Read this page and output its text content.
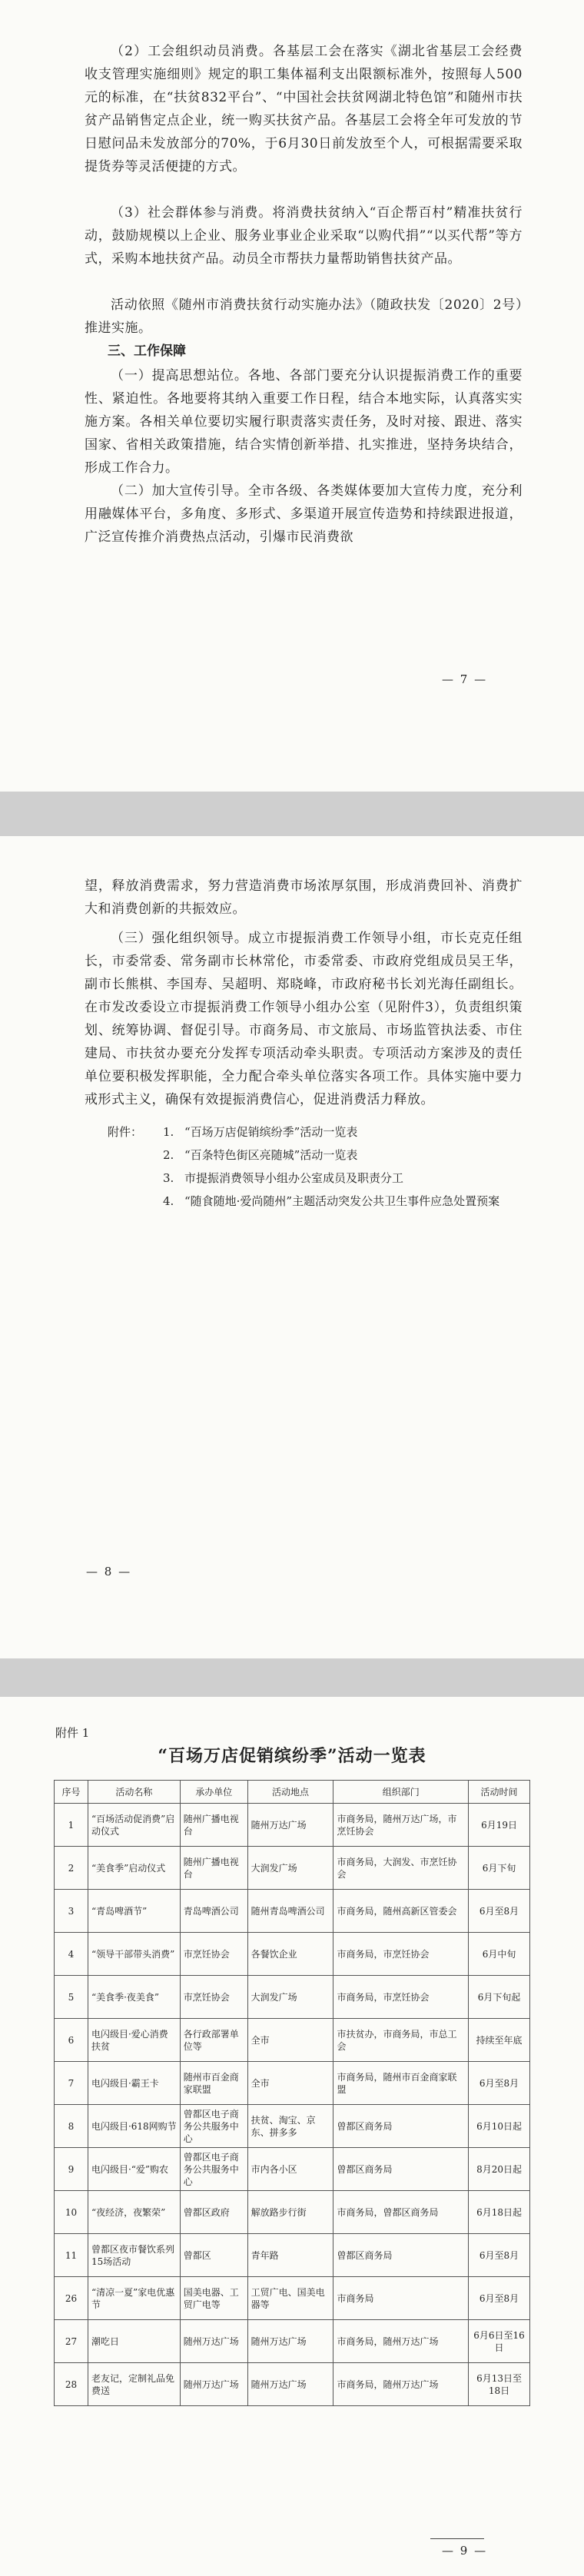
（2）工会组织动员消费。各基层工会在落实《湖北省基层工会经费收支管理实施细则》规定的职工集体福利支出限额标准外，按照每人500元的标准，在“扶贫832平台”、“中国社会扶贫网湖北特色馆”和随州市扶贫产品销售定点企业，统一购买扶贫产品。各基层工会将全年可发放的节日慰问品未发放部分的70%，于6月30日前发放至个人，可根据需要采取提货券等灵活便捷的方式。
（3）社会群体参与消费。将消费扶贫纳入“百企帮百村”精准扶贫行动，鼓励规模以上企业、服务业事业企业采取“以购代捐”“以买代帮”等方式，采购本地扶贫产品。动员全市帮扶力量帮助销售扶贫产品。
活动依照《随州市消费扶贫行动实施办法》（随政扶发〔2020〕2号）推进实施。
三、工作保障
（一）提高思想站位。各地、各部门要充分认识提振消费工作的重要性、紧迫性。各地要将其纳入重要工作日程，结合本地实际，认真落实实施方案。各相关单位要切实履行职责落实责任务，及时对接、跟进、落实国家、省相关政策措施，结合实情创新举措、扎实推进，坚持务块结合，形成工作合力。
（二）加大宣传引导。全市各级、各类媒体要加大宣传力度，充分利用融媒体平台，多角度、多形式、多渠道开展宣传造势和持续跟进报道，广泛宣传推介消费热点活动，引爆市民消费欲
— 7 —
望，释放消费需求，努力营造消费市场浓厚氛围，形成消费回补、消费扩大和消费创新的共振效应。
（三）强化组织领导。成立市提振消费工作领导小组，市长克克任组长，市委常委、常务副市长林常伦，市委常委、市政府党组成员吴王华，副市长熊棋、李国寿、吴超明、郑晓峰，市政府秘书长刘光海任副组长。在市发改委设立市提振消费工作领导小组办公室（见附件3），负责组织策划、统筹协调、督促引导。市商务局、市文旅局、市场监管执法委、市住建局、市扶贫办要充分发挥专项活动牵头职责。专项活动方案涉及的责任单位要积极发挥职能，全力配合牵头单位落实各项工作。具体实施中要力戒形式主义，确保有效提振消费信心，促进消费活力释放。
附件： 1. “百场万店促销缤纷季”活动一览表
2. “百条特色街区亮随城”活动一览表
3. 市提振消费领导小组办公室成员及职责分工
4. “随食随地·爱尚随州”主题活动突发公共卫生事件应急处置预案
— 8 —
附件 1
“百场万店促销缤纷季”活动一览表
序号	活动名称	承办单位	活动地点	组织部门	活动时间
1	“百场活动促消费”启动仪式	随州广播电视台	随州万达广场	市商务局，随州万达广场，市烹饪协会	6月19日
2	“美食季”启动仪式	随州广播电视台	大润发广场	市商务局，大润发、市烹饪协会	6月下旬
3	“青岛啤酒节”	青岛啤酒公司	随州青岛啤酒公司	市商务局，随州高新区管委会	6月至8月
4	“领导干部带头消费”	市烹饪协会	各餐饮企业	市商务局，市烹饪协会	6月中旬
5	“美食季·夜美食”	市烹饪协会	大润发广场	市商务局，市烹饪协会	6月下旬起
6	电闪级目·爱心消费扶贫	各行政部署单位等	全市	市扶贫办，市商务局，市总工会	持续至年底
7	电闪级目·霸王卡	随州市百金商家联盟	全市	市商务局，随州市百金商家联盟	6月至8月
8	电闪级目·618网购节	曾都区电子商务公共服务中心	扶贫、淘宝、京东、拼多多	曾都区商务局	6月10日起
9	电闪级目·“爱”购农	曾都区电子商务公共服务中心	市内各小区	曾都区商务局	8月20日起
10	“夜经济，夜繁荣”	曾都区政府	解放路步行街	市商务局，曾都区商务局	6月18日起
11	曾都区夜市餐饮系列15场活动	曾都区	青年路	曾都区商务局	6月至8月
26	“清凉一夏”家电优惠节	国美电器、工贸广电等	工贸广电、国美电器等	市商务局	6月至8月
27	潮吃日	随州万达广场	随州万达广场	市商务局，随州万达广场	6月6日至16日
28	老友记，定制礼品免费送	随州万达广场	随州万达广场	市商务局，随州万达广场	6月13日至18日
— 9 —
